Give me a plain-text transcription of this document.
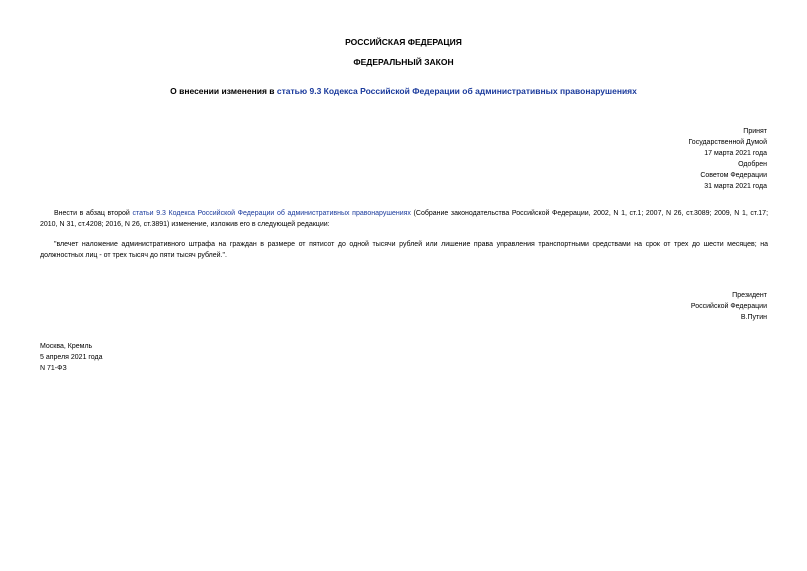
РОССИЙСКАЯ ФЕДЕРАЦИЯ
ФЕДЕРАЛЬНЫЙ ЗАКОН
О внесении изменения в статью 9.3 Кодекса Российской Федерации об административных правонарушениях
Принят
Государственной Думой
17 марта 2021 года
Одобрен
Советом Федерации
31 марта 2021 года
Внести в абзац второй статьи 9.3 Кодекса Российской Федерации об административных правонарушениях (Собрание законодательства Российской Федерации, 2002, N 1, ст.1; 2007, N 26, ст.3089; 2009, N 1, ст.17; 2010, N 31, ст.4208; 2016, N 26, ст.3891) изменение, изложив его в следующей редакции:
"влечет наложение административного штрафа на граждан в размере от пятисот до одной тысячи рублей или лишение права управления транспортными средствами на срок от трех до шести месяцев; на должностных лиц - от трех тысяч до пяти тысяч рублей.".
Президент
Российской Федерации
В.Путин
Москва, Кремль
5 апреля 2021 года
N 71-ФЗ
